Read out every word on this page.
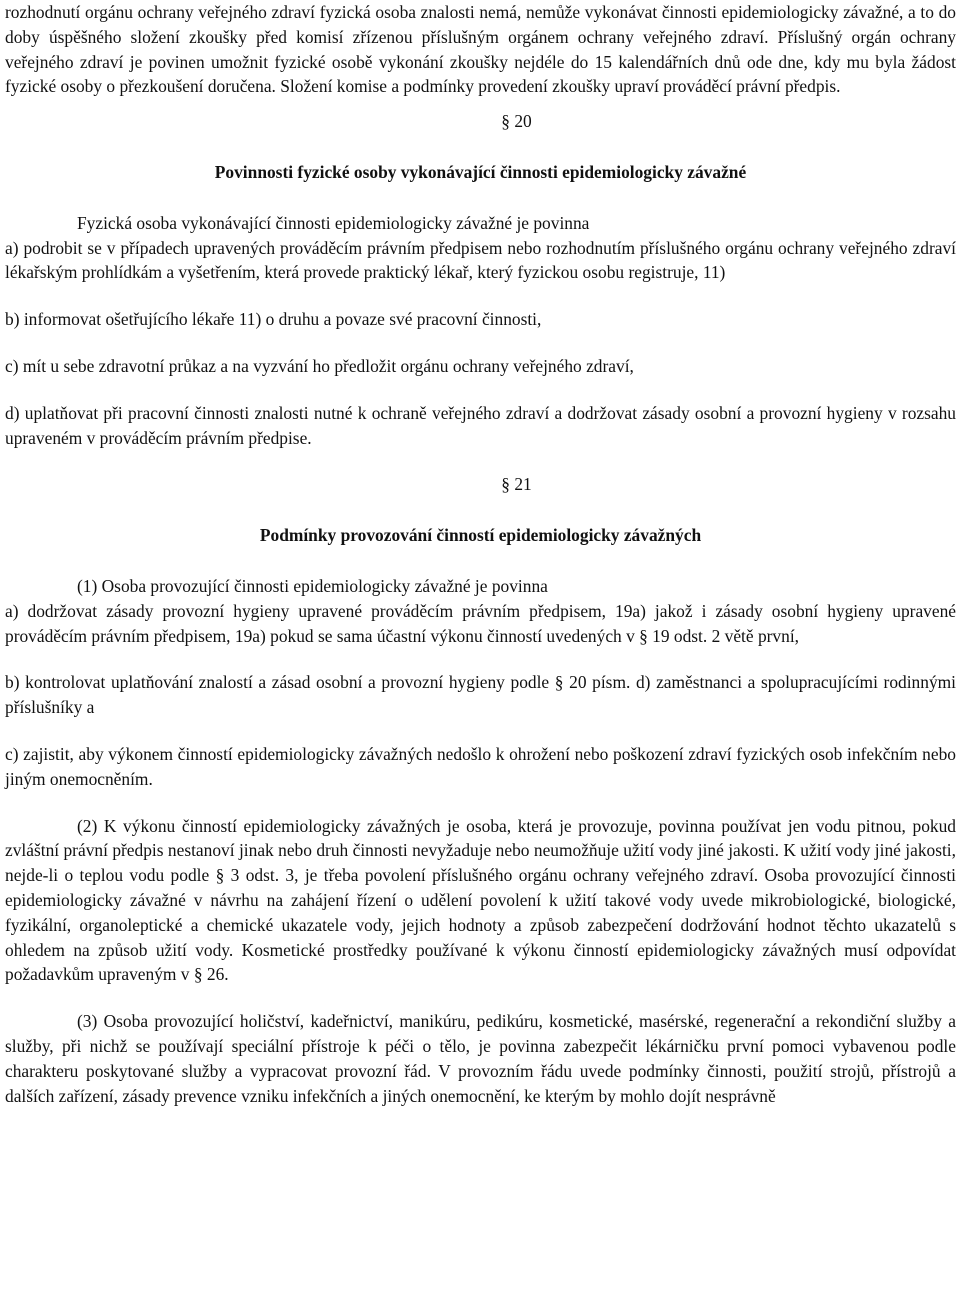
rozhodnutí orgánu ochrany veřejného zdraví fyzická osoba znalosti nemá, nemůže vykonávat činnosti epidemiologicky závažné, a to do doby úspěšného složení zkoušky před komisí zřízenou příslušným orgánem ochrany veřejného zdraví. Příslušný orgán ochrany veřejného zdraví je povinen umožnit fyzické osobě vykonání zkoušky nejdéle do 15 kalendářních dnů ode dne, kdy mu byla žádost fyzické osoby o přezkoušení doručena. Složení komise a podmínky provedení zkoušky upraví prováděcí právní předpis.

§ 20

Povinnosti fyzické osoby vykonávající činnosti epidemiologicky závažné

Fyzická osoba vykonávající činnosti epidemiologicky závažné je povinna

a) podrobit se v případech upravených prováděcím právním předpisem nebo rozhodnutím příslušného orgánu ochrany veřejného zdraví lékařským prohlídkám a vyšetřením, která provede praktický lékař, který fyzickou osobu registruje, 11)

b) informovat ošetřujícího lékaře 11) o druhu a povaze své pracovní činnosti,

c) mít u sebe zdravotní průkaz a na vyzvání ho předložit orgánu ochrany veřejného zdraví,

d) uplatňovat při pracovní činnosti znalosti nutné k ochraně veřejného zdraví a dodržovat zásady osobní a provozní hygieny v rozsahu upraveném v prováděcím právním předpise.

§ 21

Podmínky provozování činností epidemiologicky závažných

(1) Osoba provozující činnosti epidemiologicky závažné je povinna

a) dodržovat zásady provozní hygieny upravené prováděcím právním předpisem, 19a) jakož i zásady osobní hygieny upravené prováděcím právním předpisem, 19a) pokud se sama účastní výkonu činností uvedených v § 19 odst. 2 větě první,

b) kontrolovat uplatňování znalostí a zásad osobní a provozní hygieny podle § 20 písm. d) zaměstnanci a spolupracujícími rodinnými příslušníky a

c) zajistit, aby výkonem činností epidemiologicky závažných nedošlo k ohrožení nebo poškození zdraví fyzických osob infekčním nebo jiným onemocněním.

(2) K výkonu činností epidemiologicky závažných je osoba, která je provozuje, povinna používat jen vodu pitnou, pokud zvláštní právní předpis nestanoví jinak nebo druh činnosti nevyžaduje nebo neumožňuje užití vody jiné jakosti. K užití vody jiné jakosti, nejde-li o teplou vodu podle § 3 odst. 3, je třeba povolení příslušného orgánu ochrany veřejného zdraví. Osoba provozující činnosti epidemiologicky závažné v návrhu na zahájení řízení o udělení povolení k užití takové vody uvede mikrobiologické, biologické, fyzikální, organoleptické a chemické ukazatele vody, jejich hodnoty a způsob zabezpečení dodržování hodnot těchto ukazatelů s ohledem na způsob užití vody. Kosmetické prostředky používané k výkonu činností epidemiologicky závažných musí odpovídat požadavkům upraveným v § 26.

(3) Osoba provozující holičství, kadeřnictví, manikúru, pedikúru, kosmetické, masérské, regenerační a rekondiční služby a služby, při nichž se používají speciální přístroje k péči o tělo, je povinna zabezpečit lékárničku první pomoci vybavenou podle charakteru poskytované služby a vypracovat provozní řád. V provozním řádu uvede podmínky činnosti, použití strojů, přístrojů a dalších zařízení, zásady prevence vzniku infekčních a jiných onemocnění, ke kterým by mohlo dojít nesprávně
